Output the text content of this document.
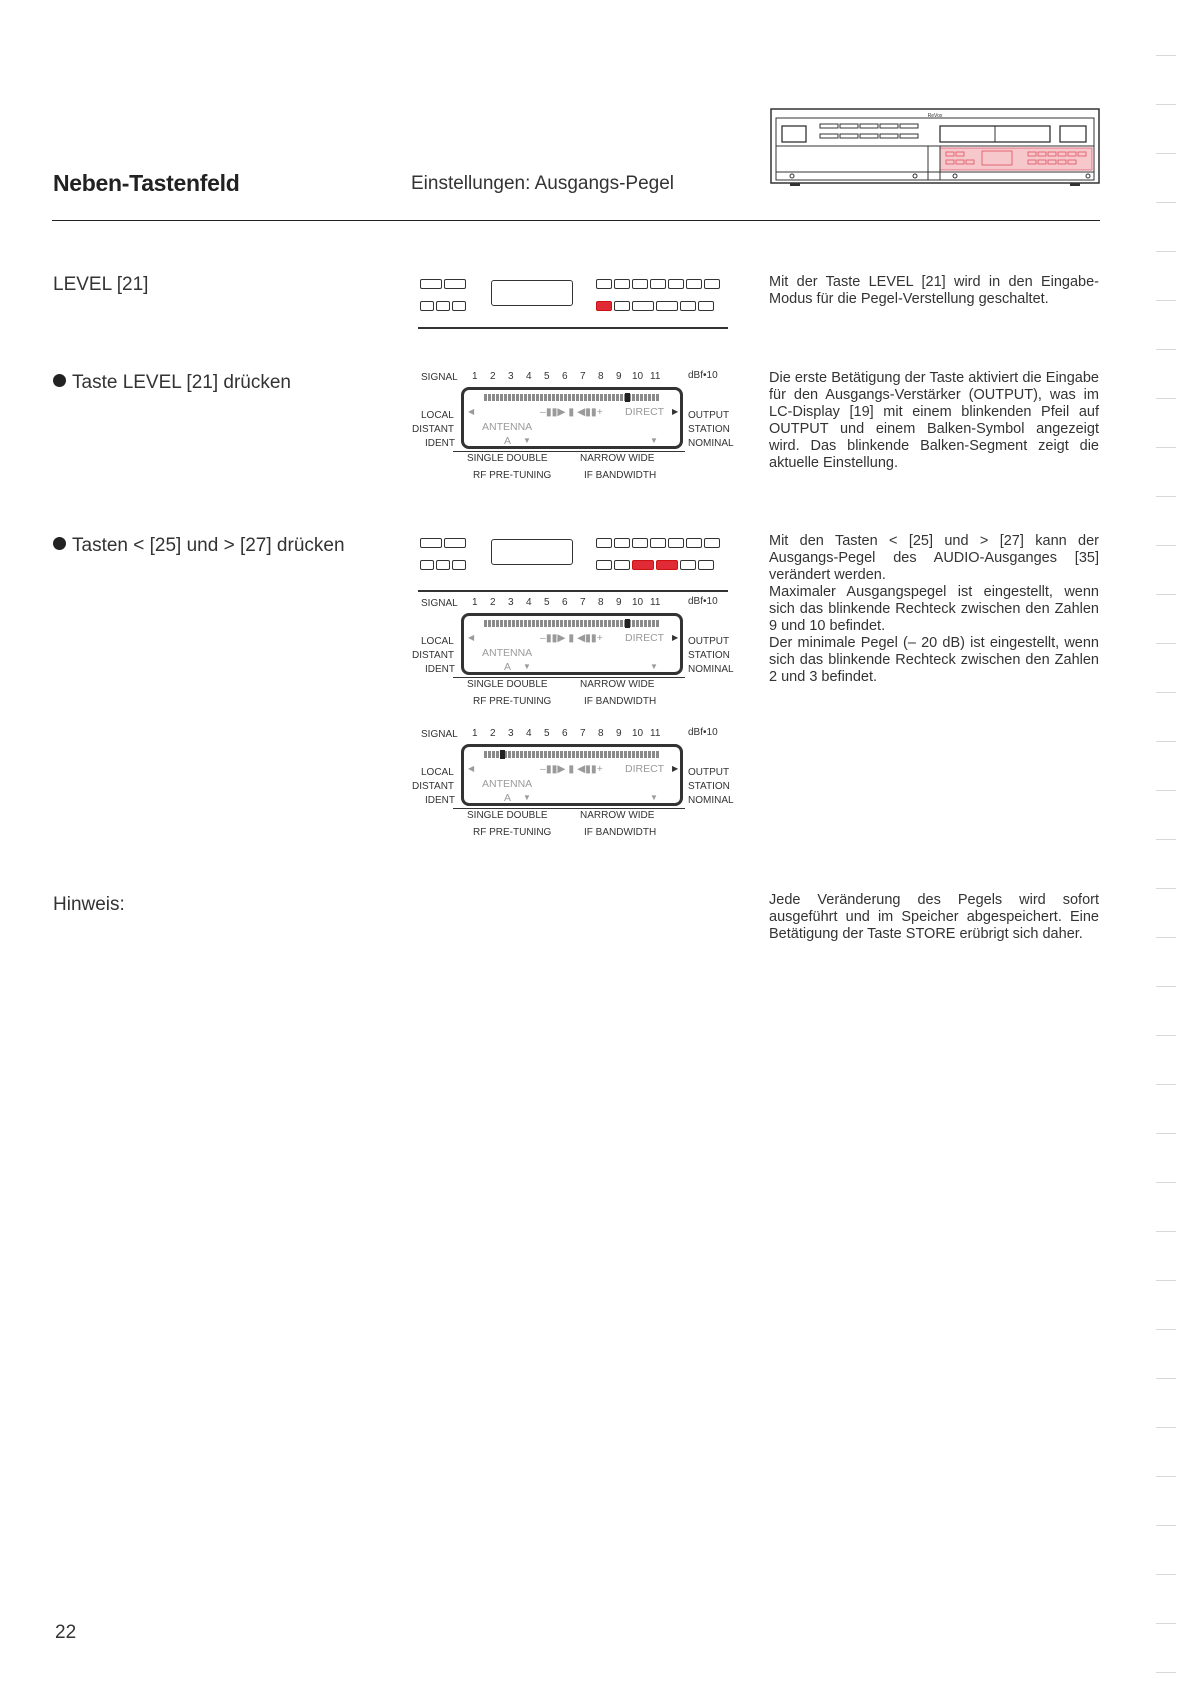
ReVox
Neben-Tastenfeld	Einstellungen: Ausgangs-Pegel
LEVEL [21]	Mit der Taste LEVEL [21] wird in den Eingabe-Modus für die Pegel-Verstellung geschaltet.

Taste LEVEL [21] drücken	SIGNAL 1 2 3 4 5 6 7 8 9 10 11	dBf•10
LOCAL
DISTANT
IDENT
OUTPUT
STATION
NOMINAL
◀	–▮▮▶ ▮ ◀▮▮+ DIRECT ▶
ANTENNA
A ▼	▼
SINGLE DOUBLE	NARROW WIDE
RF PRE-TUNING	IF BANDWIDTH

Die erste Betätigung der Taste aktiviert die Eingabe für den Ausgangs-Verstärker (OUTPUT), was im LC-Display [19] mit einem blinkenden Pfeil auf OUTPUT und einem Balken-Symbol angezeigt wird. Das blinkende Balken-Segment zeigt die aktuelle Einstellung.

Tasten < [25] und > [27] drücken
SIGNAL 1 2 3 4 5 6 7 8 9 10 11	dBf•10
LOCAL
DISTANT
IDENT
OUTPUT
STATION
NOMINAL
◀	–▮▮▶ ▮ ◀▮▮+ DIRECT ▶
ANTENNA
A ▼	▼
SINGLE DOUBLE	NARROW WIDE
RF PRE-TUNING	IF BANDWIDTH
SIGNAL 1 2 3 4 5 6 7 8 9 10 11	dBf•10
LOCAL
DISTANT
IDENT
OUTPUT
STATION
NOMINAL
◀	–▮▮▶ ▮ ◀▮▮+ DIRECT ▶
ANTENNA
A ▼	▼
SINGLE DOUBLE	NARROW WIDE
RF PRE-TUNING	IF BANDWIDTH

Mit den Tasten < [25] und > [27] kann der Ausgangs-Pegel des AUDIO-Ausganges [35] verändert werden.

Maximaler Ausgangspegel ist eingestellt, wenn sich das blinkende Rechteck zwischen den Zahlen 9 und 10 befindet.

Der minimale Pegel (– 20 dB) ist eingestellt, wenn sich das blinkende Rechteck zwischen den Zahlen 2 und 3 befindet.

Hinweis:	Jede Veränderung des Pegels wird sofort ausgeführt und im Speicher abgespeichert. Eine Betätigung der Taste STORE erübrigt sich daher.

22
